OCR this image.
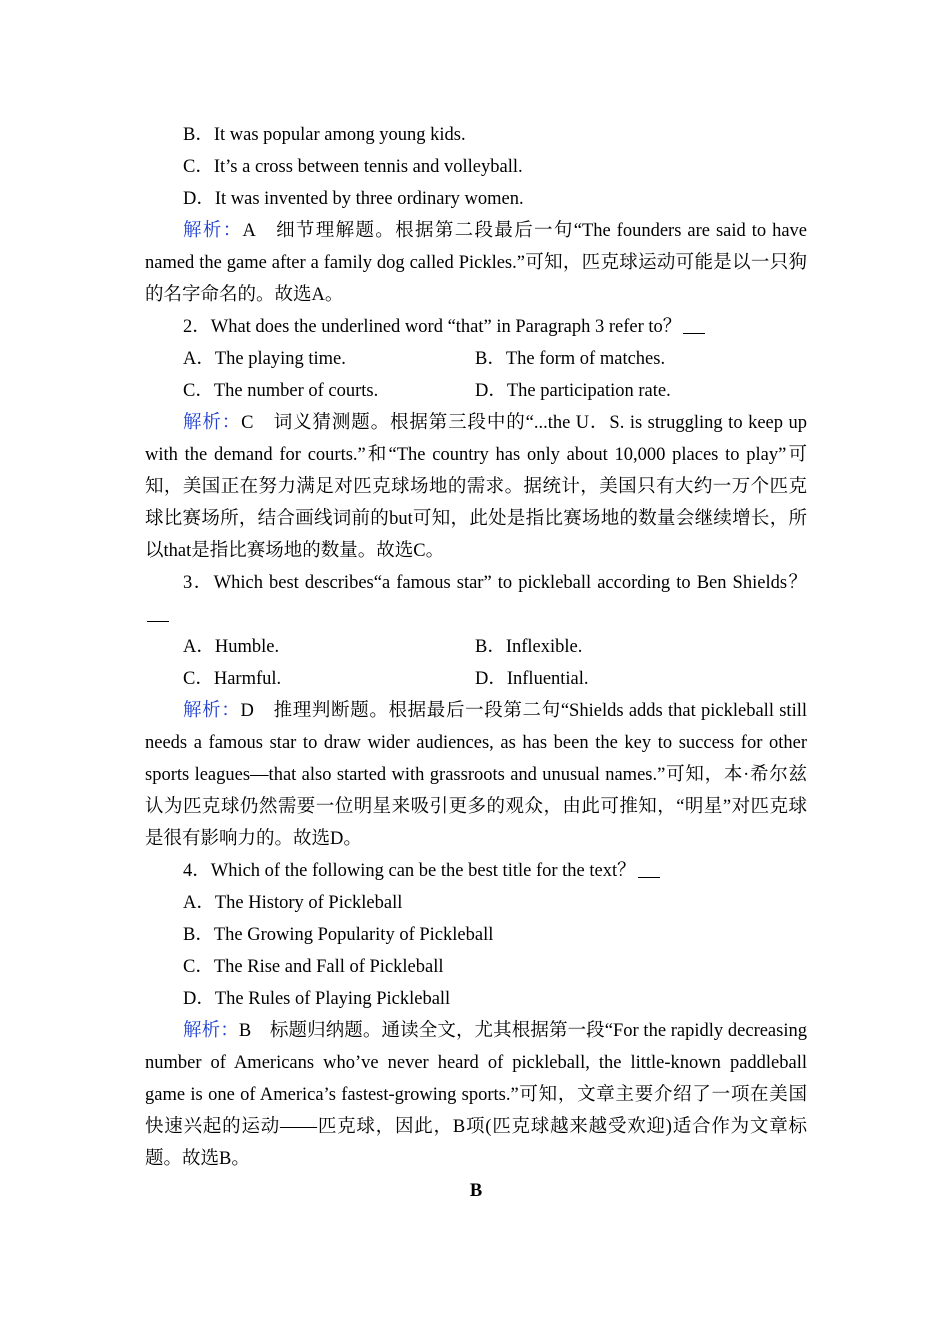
B．It was popular among young kids.
C．It’s a cross between tennis and volleyball.
D．It was invented by three ordinary women.
解析：A　细节理解题。根据第二段最后一句“The founders are said to have named the game after a family dog called Pickles.”可知，匹克球运动可能是以一只狗的名字命名的。故选A。
2．What does the underlined word “that” in Paragraph 3 refer to？
A．The playing time.	B．The form of matches.
C．The number of courts.	D．The participation rate.
解析：C　词义猜测题。根据第三段中的“...the U．S. is struggling to keep up with the demand for courts.”和“The country has only about 10,000 places to play”可知，美国正在努力满足对匹克球场地的需求。据统计，美国只有大约一万个匹克球比赛场所，结合画线词前的but可知，此处是指比赛场地的数量会继续增长，所以that是指比赛场地的数量。故选C。
3．Which best describes“a famous star” to pickleball according to Ben Shields？
A．Humble.	B．Inflexible.
C．Harmful.	D．Influential.
解析：D　推理判断题。根据最后一段第二句“Shields adds that pickleball still needs a famous star to draw wider audiences, as has been the key to success for other sports leagues—that also started with grassroots and unusual names.”可知，本·希尔兹认为匹克球仍然需要一位明星来吸引更多的观众，由此可推知，“明星”对匹克球是很有影响力的。故选D。
4．Which of the following can be the best title for the text？
A．The History of Pickleball
B．The Growing Popularity of Pickleball
C．The Rise and Fall of Pickleball
D．The Rules of Playing Pickleball
解析：B　标题归纳题。通读全文，尤其根据第一段“For the rapidly decreasing number of Americans who’ve never heard of pickleball, the little-known paddleball game is one of America’s fastest-growing sports.”可知，文章主要介绍了一项在美国快速兴起的运动——匹克球，因此，B项(匹克球越来越受欢迎)适合作为文章标题。故选B。
B
